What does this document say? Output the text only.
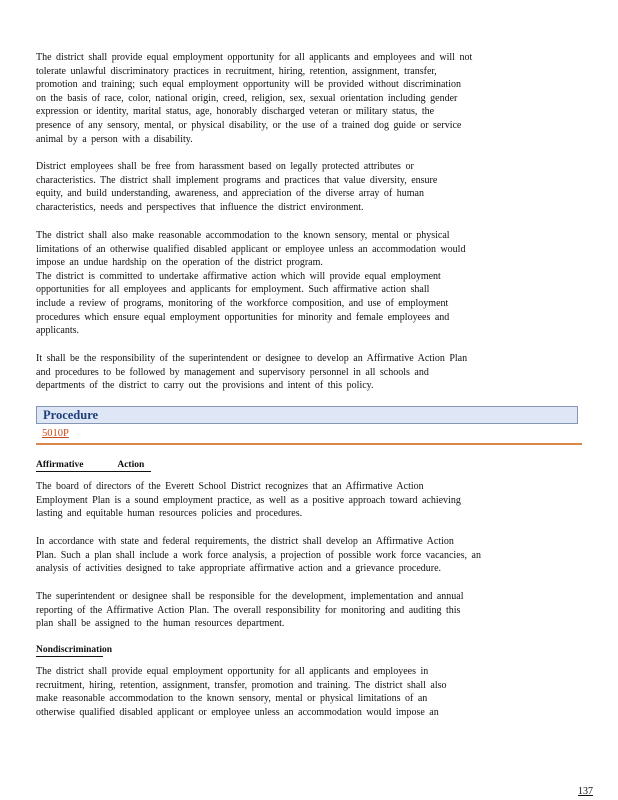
The district shall provide equal employment opportunity for all applicants and employees and will not
tolerate unlawful discriminatory practices in recruitment, hiring, retention, assignment, transfer,
promotion and training; such equal employment opportunity will be provided without discrimination
on the basis of race, color, national origin, creed, religion, sex, sexual orientation including gender
expression or identity, marital status, age, honorably discharged veteran or military status, the
presence of any sensory, mental, or physical disability, or the use of a trained dog guide or service
animal by a person with a disability.
District employees shall be free from harassment based on legally protected attributes or
characteristics. The district shall implement programs and practices that value diversity, ensure
equity, and build understanding, awareness, and appreciation of the diverse array of human
characteristics, needs and perspectives that influence the district environment.
The district shall also make reasonable accommodation to the known sensory, mental or physical
limitations of an otherwise qualified disabled applicant or employee unless an accommodation would
impose an undue hardship on the operation of the district program.
The district is committed to undertake affirmative action which will provide equal employment
opportunities for all employees and applicants for employment. Such affirmative action shall
include a review of programs, monitoring of the workforce composition, and use of employment
procedures which ensure equal employment opportunities for minority and female employees and
applicants.
It shall be the responsibility of the superintendent or designee to develop an Affirmative Action Plan
and procedures to be followed by management and supervisory personnel in all schools and
departments of the district to carry out the provisions and intent of this policy.
Procedure
5010P
Affirmative Action
The board of directors of the Everett School District recognizes that an Affirmative Action
Employment Plan is a sound employment practice, as well as a positive approach toward achieving
lasting and equitable human resources policies and procedures.
In accordance with state and federal requirements, the district shall develop an Affirmative Action
Plan. Such a plan shall include a work force analysis, a projection of possible work force vacancies, an
analysis of activities designed to take appropriate affirmative action and a grievance procedure.
The superintendent or designee shall be responsible for the development, implementation and annual
reporting of the Affirmative Action Plan. The overall responsibility for monitoring and auditing this
plan shall be assigned to the human resources department.
Nondiscrimination
The district shall provide equal employment opportunity for all applicants and employees in
recruitment, hiring, retention, assignment, transfer, promotion and training. The district shall also
make reasonable accommodation to the known sensory, mental or physical limitations of an
otherwise qualified disabled applicant or employee unless an accommodation would impose an
137
